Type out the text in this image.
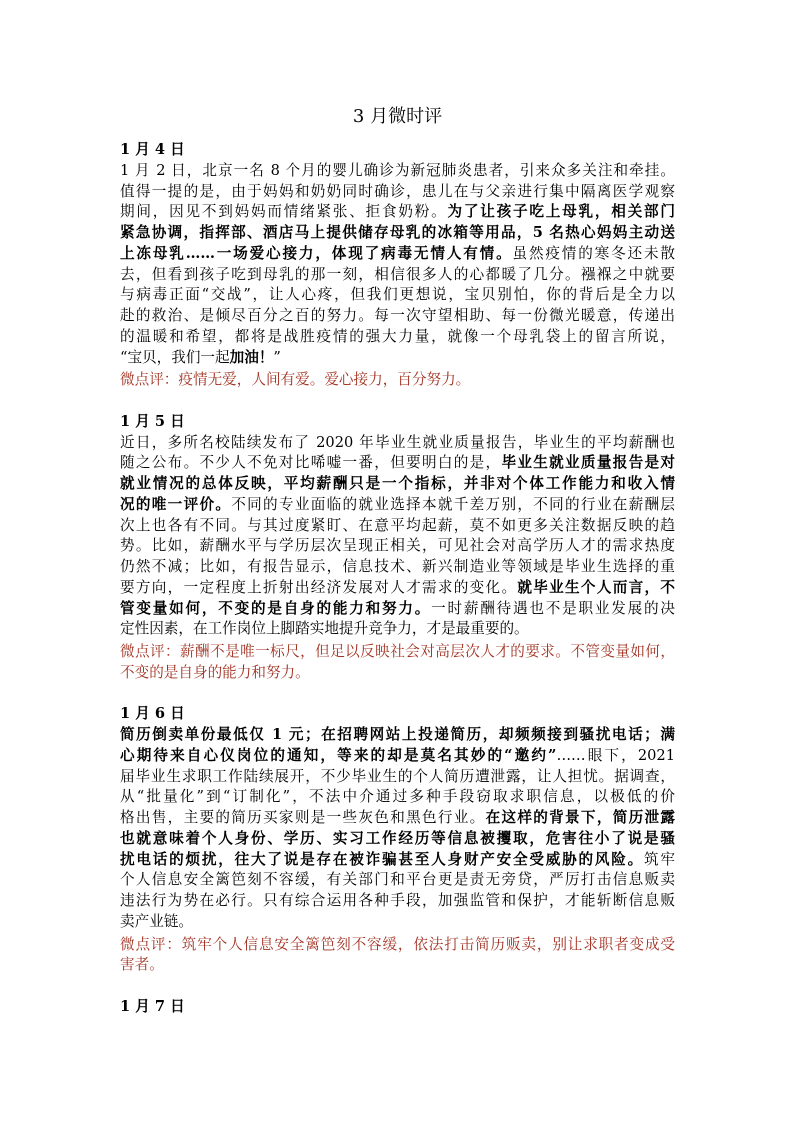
3 月微时评
1 月 4 日
1 月 2 日，北京一名 8 个月的婴儿确诊为新冠肺炎患者，引来众多关注和牵挂。
值得一提的是，由于妈妈和奶奶同时确诊，患儿在与父亲进行集中隔离医学观察
期间，因见不到妈妈而情绪紧张、拒食奶粉。为了让孩子吃上母乳，相关部门
紧急协调，指挥部、酒店马上提供储存母乳的冰箱等用品，5 名热心妈妈主动送
上冻母乳……一场爱心接力，体现了病毒无情人有情。虽然疫情的寒冬还未散
去，但看到孩子吃到母乳的那一刻，相信很多人的心都暖了几分。襁褓之中就要
与病毒正面“交战”，让人心疼，但我们更想说，宝贝别怕，你的背后是全力以
赴的救治、是倾尽百分之百的努力。每一次守望相助、每一份微光暖意，传递出
的温暖和希望，都将是战胜疫情的强大力量，就像一个母乳袋上的留言所说，
“宝贝，我们一起加油！”
微点评：疫情无爱，人间有爱。爱心接力，百分努力。
1 月 5 日
近日，多所名校陆续发布了 2020 年毕业生就业质量报告，毕业生的平均薪酬也
随之公布。不少人不免对比唏嘘一番，但要明白的是，毕业生就业质量报告是对
就业情况的总体反映，平均薪酬只是一个指标，并非对个体工作能力和收入情
况的唯一评价。不同的专业面临的就业选择本就千差万别，不同的行业在薪酬层
次上也各有不同。与其过度紧盯、在意平均起薪，莫不如更多关注数据反映的趋
势。比如，薪酬水平与学历层次呈现正相关，可见社会对高学历人才的需求热度
仍然不减；比如，有报告显示，信息技术、新兴制造业等领域是毕业生选择的重
要方向，一定程度上折射出经济发展对人才需求的变化。就毕业生个人而言，不
管变量如何，不变的是自身的能力和努力。一时薪酬待遇也不是职业发展的决
定性因素，在工作岗位上脚踏实地提升竞争力，才是最重要的。
微点评：薪酬不是唯一标尺，但足以反映社会对高层次人才的要求。不管变量如何，
不变的是自身的能力和努力。
1 月 6 日
简历倒卖单份最低仅 1 元；在招聘网站上投递简历，却频频接到骚扰电话；满
心期待来自心仪岗位的通知，等来的却是莫名其妙的“邀约”……眼下，2021
届毕业生求职工作陆续展开，不少毕业生的个人简历遭泄露，让人担忧。据调查，
从“批量化”到“订制化”，不法中介通过多种手段窃取求职信息，以极低的价
格出售，主要的简历买家则是一些灰色和黑色行业。在这样的背景下，简历泄露
也就意味着个人身份、学历、实习工作经历等信息被攫取，危害往小了说是骚
扰电话的烦扰，往大了说是存在被诈骗甚至人身财产安全受威胁的风险。筑牢
个人信息安全篱笆刻不容缓，有关部门和平台更是责无旁贷，严厉打击信息贩卖
违法行为势在必行。只有综合运用各种手段，加强监管和保护，才能斩断信息贩
卖产业链。
微点评：筑牢个人信息安全篱笆刻不容缓，依法打击简历贩卖，别让求职者变成受
害者。
1 月 7 日
